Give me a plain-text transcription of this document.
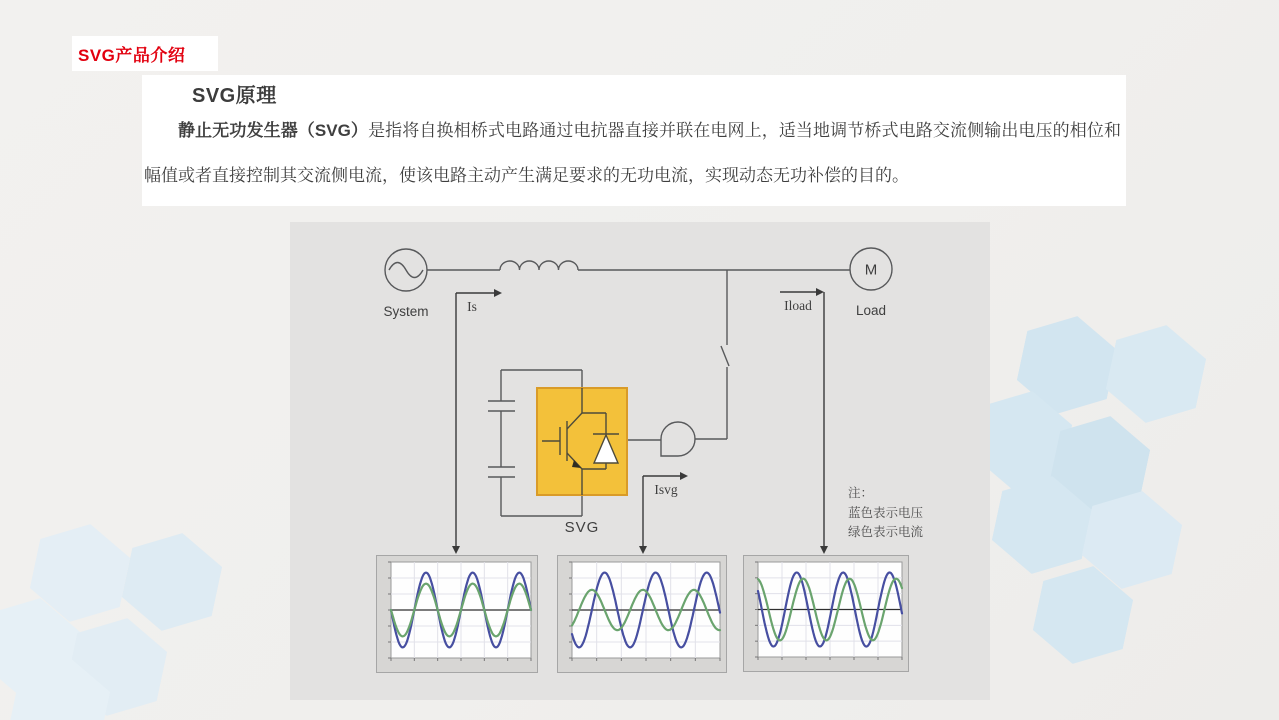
SVG产品介绍
SVG原理

静止无功发生器（SVG）是指将自换相桥式电路通过电抗器直接并联在电网上，适当地调节桥式电路交流侧输出电压的相位和幅值或者直接控制其交流侧电流，使该电路主动产生满足要求的无功电流，实现动态无功补偿的目的。

System
M
Load
Is	Iload
Isvg
SVG
注：
蓝色表示电压
绿色表示电流
